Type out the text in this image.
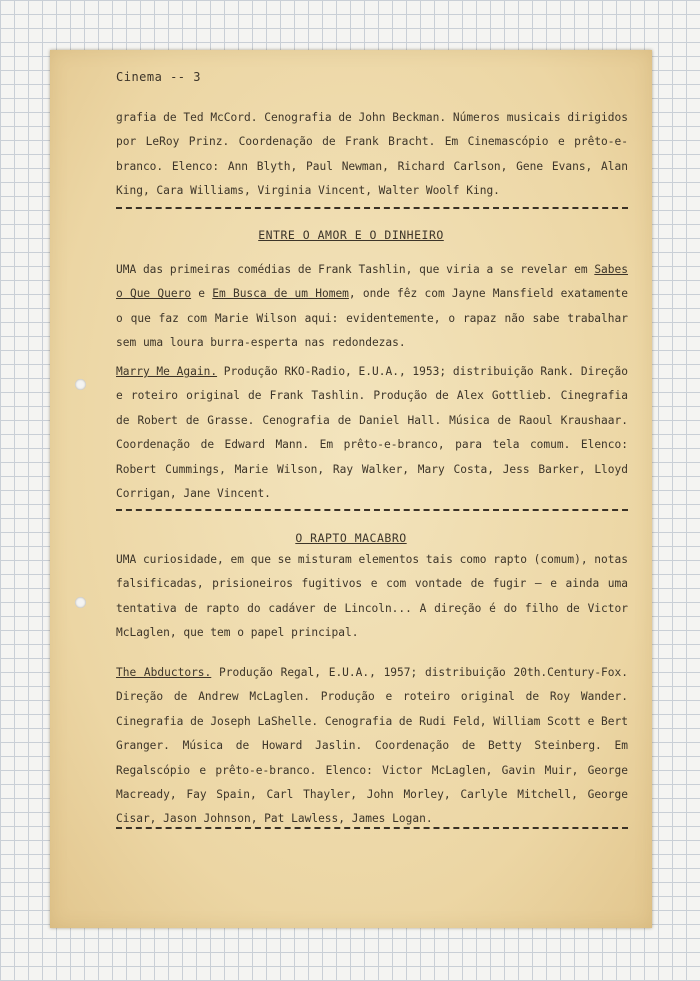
Cinema -- 3

grafia de Ted McCord. Cenografia de John Beckman. Números musicais dirigidos por LeRoy Prinz. Coordenação de Frank Bracht. Em Cinemascópio e prêto-e-branco. Elenco: Ann Blyth, Paul Newman, Richard Carlson, Gene Evans, Alan King, Cara Williams, Virginia Vincent, Walter Woolf King.

ENTRE O AMOR E O DINHEIRO

UMA das primeiras comédias de Frank Tashlin, que viria a se revelar em Sabes o Que Quero e Em Busca de um Homem, onde fêz com Jayne Mansfield exatamente o que faz com Marie Wilson aqui: evidentemente, o rapaz não sabe trabalhar sem uma loura burra-esperta nas redondezas.

Marry Me Again. Produção RKO-Radio, E.U.A., 1953; distribuição Rank. Direção e roteiro original de Frank Tashlin. Produção de Alex Gottlieb. Cinegrafia de Robert de Grasse. Cenografia de Daniel Hall. Música de Raoul Kraushaar. Coordenação de Edward Mann. Em prêto-e-branco, para tela comum. Elenco: Robert Cummings, Marie Wilson, Ray Walker, Mary Costa, Jess Barker, Lloyd Corrigan, Jane Vincent.

O RAPTO MACABRO

UMA curiosidade, em que se misturam elementos tais como rapto (comum), notas falsificadas, prisioneiros fugitivos e com vontade de fugir — e ainda uma tentativa de rapto do cadáver de Lincoln... A direção é do filho de Victor McLaglen, que tem o papel principal.

The Abductors. Produção Regal, E.U.A., 1957; distribuição 20th.Century-Fox. Direção de Andrew McLaglen. Produção e roteiro original de Roy Wander. Cinegrafia de Joseph LaShelle. Cenografia de Rudi Feld, William Scott e Bert Granger. Música de Howard Jaslin. Coordenação de Betty Steinberg. Em Regalscópio e prêto-e-branco. Elenco: Victor McLaglen, Gavin Muir, George Macready, Fay Spain, Carl Thayler, John Morley, Carlyle Mitchell, George Cisar, Jason Johnson, Pat Lawless, James Logan.
